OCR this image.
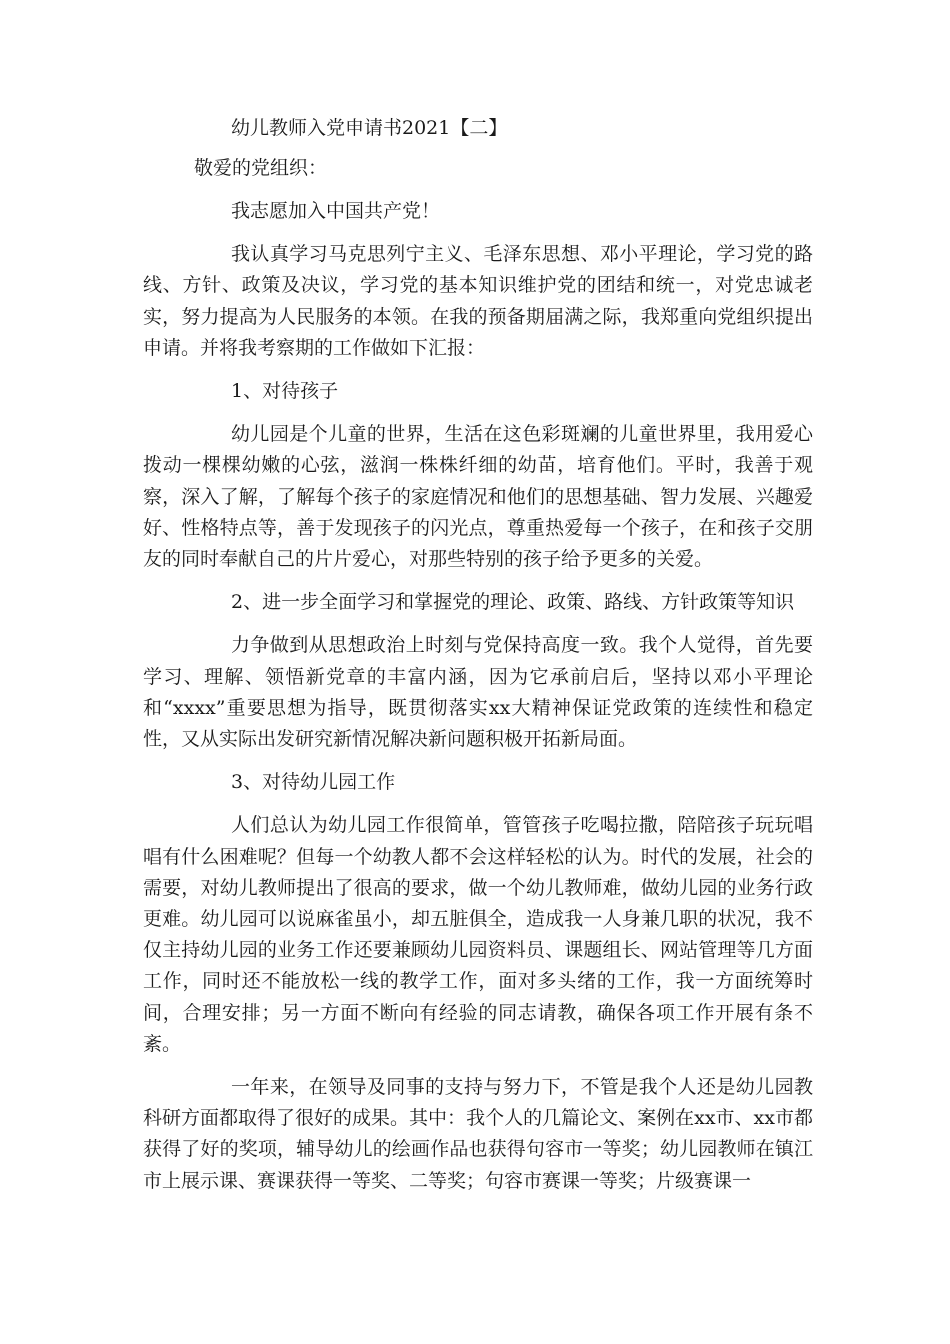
幼儿教师入党申请书2021【二】
敬爱的党组织：

我志愿加入中国共产党！

我认真学习马克思列宁主义、毛泽东思想、邓小平理论，学习党的路线、方针、政策及决议，学习党的基本知识维护党的团结和统一，对党忠诚老实，努力提高为人民服务的本领。在我的预备期届满之际，我郑重向党组织提出申请。并将我考察期的工作做如下汇报：

1、对待孩子

幼儿园是个儿童的世界，生活在这色彩斑斓的儿童世界里，我用爱心拨动一棵棵幼嫩的心弦，滋润一株株纤细的幼苗，培育他们。平时，我善于观察，深入了解，了解每个孩子的家庭情况和他们的思想基础、智力发展、兴趣爱好、性格特点等，善于发现孩子的闪光点，尊重热爱每一个孩子，在和孩子交朋友的同时奉献自己的片片爱心，对那些特别的孩子给予更多的关爱。

2、进一步全面学习和掌握党的理论、政策、路线、方针政策等知识

力争做到从思想政治上时刻与党保持高度一致。我个人觉得，首先要学习、理解、领悟新党章的丰富内涵，因为它承前启后，坚持以邓小平理论和“xxxx”重要思想为指导，既贯彻落实xx大精神保证党政策的连续性和稳定性，又从实际出发研究新情况解决新问题积极开拓新局面。

3、对待幼儿园工作

人们总认为幼儿园工作很简单，管管孩子吃喝拉撒，陪陪孩子玩玩唱唱有什么困难呢？但每一个幼教人都不会这样轻松的认为。时代的发展，社会的需要，对幼儿教师提出了很高的要求，做一个幼儿教师难，做幼儿园的业务行政更难。幼儿园可以说麻雀虽小，却五脏俱全，造成我一人身兼几职的状况，我不仅主持幼儿园的业务工作还要兼顾幼儿园资料员、课题组长、网站管理等几方面工作，同时还不能放松一线的教学工作，面对多头绪的工作，我一方面统筹时间，合理安排；另一方面不断向有经验的同志请教，确保各项工作开展有条不紊。

一年来，在领导及同事的支持与努力下，不管是我个人还是幼儿园教科研方面都取得了很好的成果。其中：我个人的几篇论文、案例在xx市、xx市都获得了好的奖项，辅导幼儿的绘画作品也获得句容市一等奖；幼儿园教师在镇江市上展示课、赛课获得一等奖、二等奖；句容市赛课一等奖；片级赛课一
